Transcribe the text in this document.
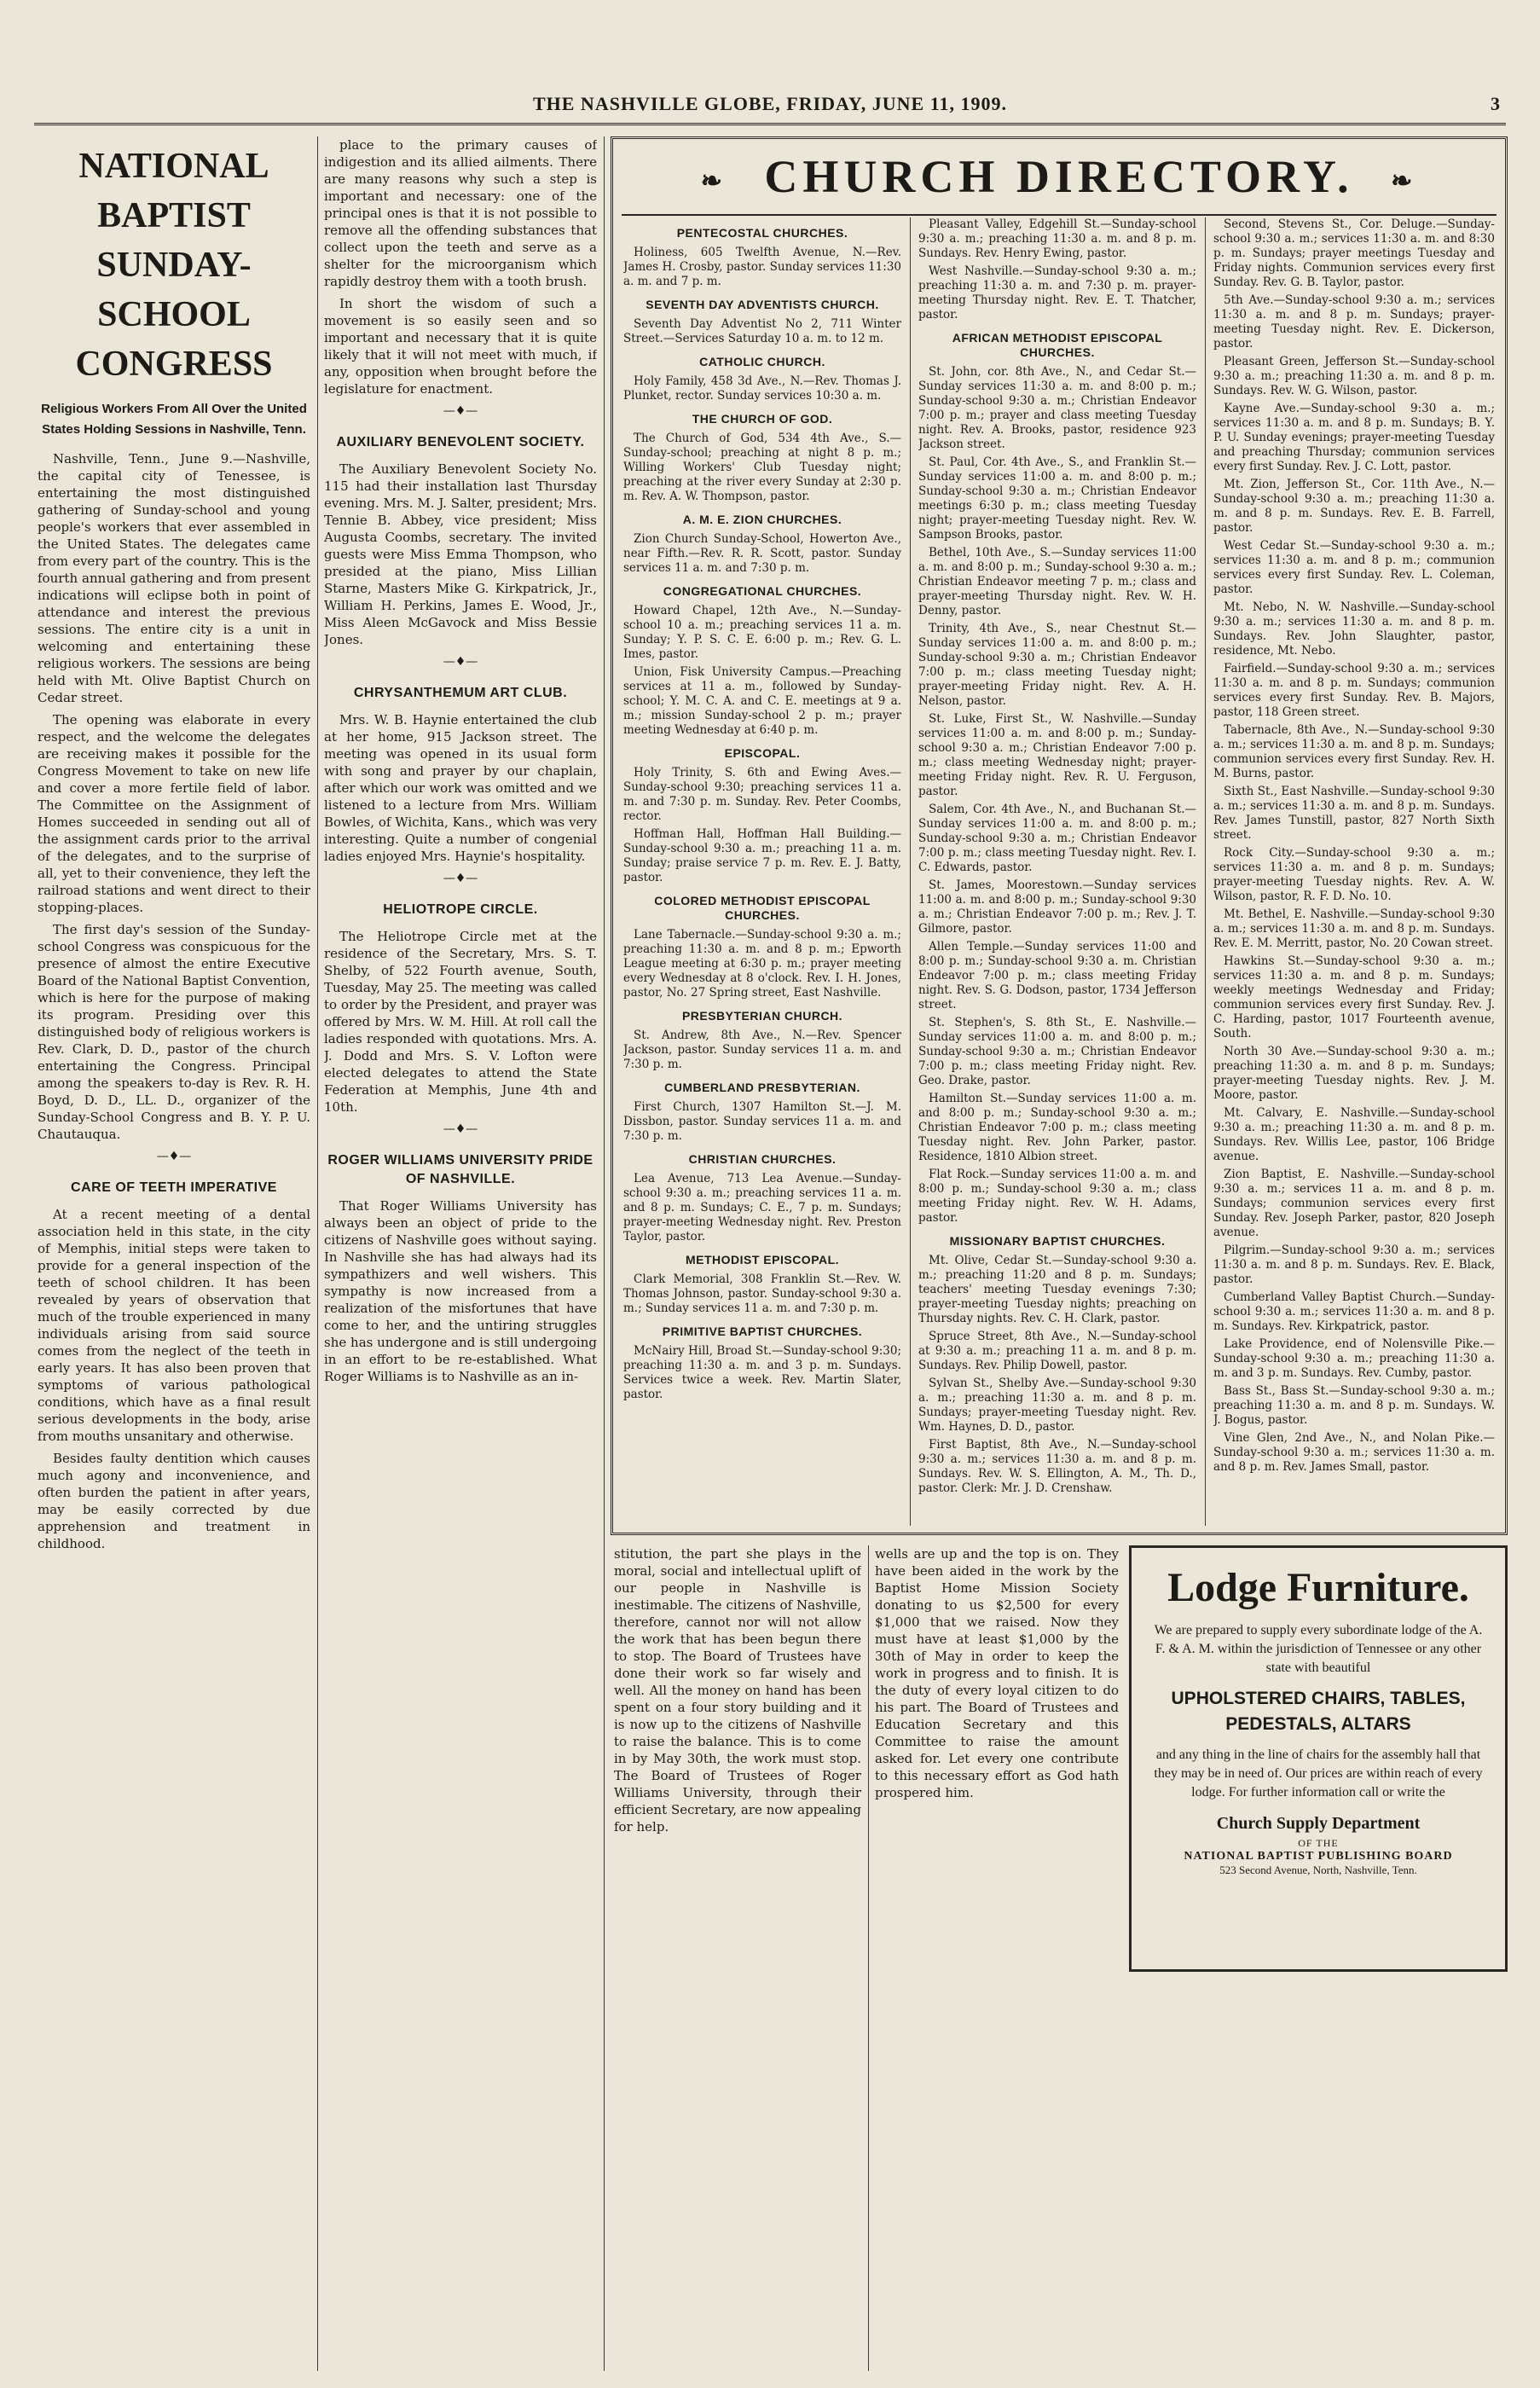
THE NASHVILLE GLOBE, FRIDAY, JUNE 11, 1909.	3
NATIONAL BAPTIST
SUNDAY-SCHOOL
CONGRESS
Religious Workers From All Over the United States Holding Sessions in Nashville, Tenn.

Nashville, Tenn., June 9.—Nashville, the capital city of Tenessee, is entertaining the most distinguished gathering of Sunday-school and young people's workers that ever assembled in the United States. The delegates came from every part of the country. This is the fourth annual gathering and from present indications will eclipse both in point of attendance and interest the previous sessions. The entire city is a unit in welcoming and entertaining these religious workers. The sessions are being held with Mt. Olive Baptist Church on Cedar street.

The opening was elaborate in every respect, and the welcome the delegates are receiving makes it possible for the Congress Movement to take on new life and cover a more fertile field of labor. The Committee on the Assignment of Homes succeeded in sending out all of the assignment cards prior to the arrival of the delegates, and to the surprise of all, yet to their convenience, they left the railroad stations and went direct to their stopping-places.

The first day's session of the Sunday-school Congress was conspicuous for the presence of almost the entire Executive Board of the National Baptist Convention, which is here for the purpose of making its program. Presiding over this distinguished body of religious workers is Rev. Clark, D. D., pastor of the church entertaining the Congress. Principal among the speakers to-day is Rev. R. H. Boyd, D. D., LL. D., organizer of the Sunday-School Congress and B. Y. P. U. Chautauqua.

—♦—
CARE OF TEETH IMPERATIVE

At a recent meeting of a dental association held in this state, in the city of Memphis, initial steps were taken to provide for a general inspection of the teeth of school children. It has been revealed by years of observation that much of the trouble experienced in many individuals arising from said source comes from the neglect of the teeth in early years. It has also been proven that symptoms of various pathological conditions, which have as a final result serious developments in the body, arise from mouths unsanitary and otherwise.

Besides faulty dentition which causes much agony and inconvenience, and often burden the patient in after years, may be easily corrected by due apprehension and treatment in childhood.

place to the primary causes of indigestion and its allied ailments. There are many reasons why such a step is important and necessary: one of the principal ones is that it is not possible to remove all the offending substances that collect upon the teeth and serve as a shelter for the microorganism which rapidly destroy them with a tooth brush.

In short the wisdom of such a movement is so easily seen and so important and necessary that it is quite likely that it will not meet with much, if any, opposition when brought before the legislature for enactment.

—♦—
AUXILIARY BENEVOLENT SOCIETY.

The Auxiliary Benevolent Society No. 115 had their installation last Thursday evening. Mrs. M. J. Salter, president; Mrs. Tennie B. Abbey, vice president; Miss Augusta Coombs, secretary. The invited guests were Miss Emma Thompson, who presided at the piano, Miss Lillian Starne, Masters Mike G. Kirkpatrick, Jr., William H. Perkins, James E. Wood, Jr., Miss Aleen McGavock and Miss Bessie Jones.

—♦—
CHRYSANTHEMUM ART CLUB.

Mrs. W. B. Haynie entertained the club at her home, 915 Jackson street. The meeting was opened in its usual form with song and prayer by our chaplain, after which our work was omitted and we listened to a lecture from Mrs. William Bowles, of Wichita, Kans., which was very interesting. Quite a number of congenial ladies enjoyed Mrs. Haynie's hospitality.

—♦—
HELIOTROPE CIRCLE.

The Heliotrope Circle met at the residence of the Secretary, Mrs. S. T. Shelby, of 522 Fourth avenue, South, Tuesday, May 25. The meeting was called to order by the President, and prayer was offered by Mrs. W. M. Hill. At roll call the ladies responded with quotations. Mrs. A. J. Dodd and Mrs. S. V. Lofton were elected delegates to attend the State Federation at Memphis, June 4th and 10th.

—♦—
ROGER WILLIAMS UNIVERSITY PRIDE OF NASHVILLE.

That Roger Williams University has always been an object of pride to the citizens of Nashville goes without saying. In Nashville she has had always had its sympathizers and well wishers. This sympathy is now increased from a realization of the misfortunes that have come to her, and the untiring struggles she has undergone and is still undergoing in an effort to be re-established. What Roger Williams is to Nashville as an in-

❧ CHURCH DIRECTORY. ❧
PENTECOSTAL CHURCHES.
Holiness, 605 Twelfth Avenue, N.—Rev. James H. Crosby, pastor. Sunday services 11:30 a. m. and 7 p. m.
SEVENTH DAY ADVENTISTS CHURCH.
Seventh Day Adventist No 2, 711 Winter Street.—Services Saturday 10 a. m. to 12 m.
CATHOLIC CHURCH.
Holy Family, 458 3d Ave., N.—Rev. Thomas J. Plunket, rector. Sunday services 10:30 a. m.
THE CHURCH OF GOD.
The Church of God, 534 4th Ave., S.—Sunday-school; preaching at night 8 p. m.; Willing Workers' Club Tuesday night; preaching at the river every Sunday at 2:30 p. m. Rev. A. W. Thompson, pastor.
A. M. E. ZION CHURCHES.
Zion Church Sunday-School, Howerton Ave., near Fifth.—Rev. R. R. Scott, pastor. Sunday services 11 a. m. and 7:30 p. m.
CONGREGATIONAL CHURCHES.
Howard Chapel, 12th Ave., N.—Sunday-school 10 a. m.; preaching services 11 a. m. Sunday; Y. P. S. C. E. 6:00 p. m.; Rev. G. L. Imes, pastor.
Union, Fisk University Campus.—Preaching services at 11 a. m., followed by Sunday-school; Y. M. C. A. and C. E. meetings at 9 a. m.; mission Sunday-school 2 p. m.; prayer meeting Wednesday at 6:40 p. m.
EPISCOPAL.
Holy Trinity, S. 6th and Ewing Aves.—Sunday-school 9:30; preaching services 11 a. m. and 7:30 p. m. Sunday. Rev. Peter Coombs, rector.
Hoffman Hall, Hoffman Hall Building.—Sunday-school 9:30 a. m.; preaching 11 a. m. Sunday; praise service 7 p. m. Rev. E. J. Batty, pastor.
COLORED METHODIST EPISCOPAL CHURCHES.
Lane Tabernacle.—Sunday-school 9:30 a. m.; preaching 11:30 a. m. and 8 p. m.; Epworth League meeting at 6:30 p. m.; prayer meeting every Wednesday at 8 o'clock. Rev. I. H. Jones, pastor, No. 27 Spring street, East Nashville.
PRESBYTERIAN CHURCH.
St. Andrew, 8th Ave., N.—Rev. Spencer Jackson, pastor. Sunday services 11 a. m. and 7:30 p. m.
CUMBERLAND PRESBYTERIAN.
First Church, 1307 Hamilton St.—J. M. Dissbon, pastor. Sunday services 11 a. m. and 7:30 p. m.
CHRISTIAN CHURCHES.
Lea Avenue, 713 Lea Avenue.—Sunday-school 9:30 a. m.; preaching services 11 a. m. and 8 p. m. Sundays; C. E., 7 p. m. Sundays; prayer-meeting Wednesday night. Rev. Preston Taylor, pastor.
METHODIST EPISCOPAL.
Clark Memorial, 308 Franklin St.—Rev. W. Thomas Johnson, pastor. Sunday-school 9:30 a. m.; Sunday services 11 a. m. and 7:30 p. m.
PRIMITIVE BAPTIST CHURCHES.
McNairy Hill, Broad St.—Sunday-school 9:30; preaching 11:30 a. m. and 3 p. m. Sundays. Services twice a week. Rev. Martin Slater, pastor.
Pleasant Valley, Edgehill St.—Sunday-school 9:30 a. m.; preaching 11:30 a. m. and 8 p. m. Sundays. Rev. Henry Ewing, pastor.
West Nashville.—Sunday-school 9:30 a. m.; preaching 11:30 a. m. and 7:30 p. m. prayer-meeting Thursday night. Rev. E. T. Thatcher, pastor.
AFRICAN METHODIST EPISCOPAL CHURCHES.
St. John, cor. 8th Ave., N., and Cedar St.—Sunday services 11:30 a. m. and 8:00 p. m.; Sunday-school 9:30 a. m.; Christian Endeavor 7:00 p. m.; prayer and class meeting Tuesday night. Rev. A. Brooks, pastor, residence 923 Jackson street.
St. Paul, Cor. 4th Ave., S., and Franklin St.—Sunday services 11:00 a. m. and 8:00 p. m.; Sunday-school 9:30 a. m.; Christian Endeavor meetings 6:30 p. m.; class meeting Tuesday night; prayer-meeting Tuesday night. Rev. W. Sampson Brooks, pastor.
Bethel, 10th Ave., S.—Sunday services 11:00 a. m. and 8:00 p. m.; Sunday-school 9:30 a. m.; Christian Endeavor meeting 7 p. m.; class and prayer-meeting Thursday night. Rev. W. H. Denny, pastor.
Trinity, 4th Ave., S., near Chestnut St.—Sunday services 11:00 a. m. and 8:00 p. m.; Sunday-school 9:30 a. m.; Christian Endeavor 7:00 p. m.; class meeting Tuesday night; prayer-meeting Friday night. Rev. A. H. Nelson, pastor.
St. Luke, First St., W. Nashville.—Sunday services 11:00 a. m. and 8:00 p. m.; Sunday-school 9:30 a. m.; Christian Endeavor 7:00 p. m.; class meeting Wednesday night; prayer-meeting Friday night. Rev. R. U. Ferguson, pastor.
Salem, Cor. 4th Ave., N., and Buchanan St.—Sunday services 11:00 a. m. and 8:00 p. m.; Sunday-school 9:30 a. m.; Christian Endeavor 7:00 p. m.; class meeting Tuesday night. Rev. I. C. Edwards, pastor.
St. James, Moorestown.—Sunday services 11:00 a. m. and 8:00 p. m.; Sunday-school 9:30 a. m.; Christian Endeavor 7:00 p. m.; Rev. J. T. Gilmore, pastor.
Allen Temple.—Sunday services 11:00 and 8:00 p. m.; Sunday-school 9:30 a. m. Christian Endeavor 7:00 p. m.; class meeting Friday night. Rev. S. G. Dodson, pastor, 1734 Jefferson street.
St. Stephen's, S. 8th St., E. Nashville.—Sunday services 11:00 a. m. and 8:00 p. m.; Sunday-school 9:30 a. m.; Christian Endeavor 7:00 p. m.; class meeting Friday night. Rev. Geo. Drake, pastor.
Hamilton St.—Sunday services 11:00 a. m. and 8:00 p. m.; Sunday-school 9:30 a. m.; Christian Endeavor 7:00 p. m.; class meeting Tuesday night. Rev. John Parker, pastor. Residence, 1810 Albion street.
Flat Rock.—Sunday services 11:00 a. m. and 8:00 p. m.; Sunday-school 9:30 a. m.; class meeting Friday night. Rev. W. H. Adams, pastor.
MISSIONARY BAPTIST CHURCHES.
Mt. Olive, Cedar St.—Sunday-school 9:30 a. m.; preaching 11:20 and 8 p. m. Sundays; teachers' meeting Tuesday evenings 7:30; prayer-meeting Tuesday nights; preaching on Thursday nights. Rev. C. H. Clark, pastor.
Spruce Street, 8th Ave., N.—Sunday-school at 9:30 a. m.; preaching 11 a. m. and 8 p. m. Sundays. Rev. Philip Dowell, pastor.
Sylvan St., Shelby Ave.—Sunday-school 9:30 a. m.; preaching 11:30 a. m. and 8 p. m. Sundays; prayer-meeting Tuesday night. Rev. Wm. Haynes, D. D., pastor.
First Baptist, 8th Ave., N.—Sunday-school 9:30 a. m.; services 11:30 a. m. and 8 p. m. Sundays. Rev. W. S. Ellington, A. M., Th. D., pastor. Clerk: Mr. J. D. Crenshaw.
Second, Stevens St., Cor. Deluge.—Sunday-school 9:30 a. m.; services 11:30 a. m. and 8:30 p. m. Sundays; prayer meetings Tuesday and Friday nights. Communion services every first Sunday. Rev. G. B. Taylor, pastor.
5th Ave.—Sunday-school 9:30 a. m.; services 11:30 a. m. and 8 p. m. Sundays; prayer-meeting Tuesday night. Rev. E. Dickerson, pastor.
Pleasant Green, Jefferson St.—Sunday-school 9:30 a. m.; preaching 11:30 a. m. and 8 p. m. Sundays. Rev. W. G. Wilson, pastor.
Kayne Ave.—Sunday-school 9:30 a. m.; services 11:30 a. m. and 8 p. m. Sundays; B. Y. P. U. Sunday evenings; prayer-meeting Tuesday and preaching Thursday; communion services every first Sunday. Rev. J. C. Lott, pastor.
Mt. Zion, Jefferson St., Cor. 11th Ave., N.—Sunday-school 9:30 a. m.; preaching 11:30 a. m. and 8 p. m. Sundays. Rev. E. B. Farrell, pastor.
West Cedar St.—Sunday-school 9:30 a. m.; services 11:30 a. m. and 8 p. m.; communion services every first Sunday. Rev. L. Coleman, pastor.
Mt. Nebo, N. W. Nashville.—Sunday-school 9:30 a. m.; services 11:30 a. m. and 8 p. m. Sundays. Rev. John Slaughter, pastor, residence, Mt. Nebo.
Fairfield.—Sunday-school 9:30 a. m.; services 11:30 a. m. and 8 p. m. Sundays; communion services every first Sunday. Rev. B. Majors, pastor, 118 Green street.
Tabernacle, 8th Ave., N.—Sunday-school 9:30 a. m.; services 11:30 a. m. and 8 p. m. Sundays; communion services every first Sunday. Rev. H. M. Burns, pastor.
Sixth St., East Nashville.—Sunday-school 9:30 a. m.; services 11:30 a. m. and 8 p. m. Sundays. Rev. James Tunstill, pastor, 827 North Sixth street.
Rock City.—Sunday-school 9:30 a. m.; services 11:30 a. m. and 8 p. m. Sundays; prayer-meeting Tuesday nights. Rev. A. W. Wilson, pastor, R. F. D. No. 10.
Mt. Bethel, E. Nashville.—Sunday-school 9:30 a. m.; services 11:30 a. m. and 8 p. m. Sundays. Rev. E. M. Merritt, pastor, No. 20 Cowan street.
Hawkins St.—Sunday-school 9:30 a. m.; services 11:30 a. m. and 8 p. m. Sundays; weekly meetings Wednesday and Friday; communion services every first Sunday. Rev. J. C. Harding, pastor, 1017 Fourteenth avenue, South.
North 30 Ave.—Sunday-school 9:30 a. m.; preaching 11:30 a. m. and 8 p. m. Sundays; prayer-meeting Tuesday nights. Rev. J. M. Moore, pastor.
Mt. Calvary, E. Nashville.—Sunday-school 9:30 a. m.; preaching 11:30 a. m. and 8 p. m. Sundays. Rev. Willis Lee, pastor, 106 Bridge avenue.
Zion Baptist, E. Nashville.—Sunday-school 9:30 a. m.; services 11 a. m. and 8 p. m. Sundays; communion services every first Sunday. Rev. Joseph Parker, pastor, 820 Joseph avenue.
Pilgrim.—Sunday-school 9:30 a. m.; services 11:30 a. m. and 8 p. m. Sundays. Rev. E. Black, pastor.
Cumberland Valley Baptist Church.—Sunday-school 9:30 a. m.; services 11:30 a. m. and 8 p. m. Sundays. Rev. Kirkpatrick, pastor.
Lake Providence, end of Nolensville Pike.—Sunday-school 9:30 a. m.; preaching 11:30 a. m. and 3 p. m. Sundays. Rev. Cumby, pastor.
Bass St., Bass St.—Sunday-school 9:30 a. m.; preaching 11:30 a. m. and 8 p. m. Sundays. W. J. Bogus, pastor.
Vine Glen, 2nd Ave., N., and Nolan Pike.—Sunday-school 9:30 a. m.; services 11:30 a. m. and 8 p. m. Rev. James Small, pastor.

stitution, the part she plays in the moral, social and intellectual uplift of our people in Nashville is inestimable. The citizens of Nashville, therefore, cannot nor will not allow the work that has been begun there to stop. The Board of Trustees have done their work so far wisely and well. All the money on hand has been spent on a four story building and it is now up to the citizens of Nashville to raise the balance. This is to come in by May 30th, the work must stop. The Board of Trustees of Roger Williams University, through their efficient Secretary, are now appealing for help.

wells are up and the top is on. They have been aided in the work by the Baptist Home Mission Society donating to us $2,500 for every $1,000 that we raised. Now they must have at least $1,000 by the 30th of May in order to keep the work in progress and to finish. It is the duty of every loyal citizen to do his part. The Board of Trustees and Education Secretary and this Committee to raise the amount asked for. Let every one contribute to this necessary effort as God hath prospered him.

Lodge Furniture.
We are prepared to supply every subordinate lodge of the A. F. & A. M. within the jurisdiction of Tennessee or any other state with beautiful
UPHOLSTERED CHAIRS, TABLES, PEDESTALS, ALTARS
and any thing in the line of chairs for the assembly hall that they may be in need of. Our prices are within reach of every lodge. For further information call or write the
Church Supply Department
OF THE
NATIONAL BAPTIST PUBLISHING BOARD
523 Second Avenue, North, Nashville, Tenn.
